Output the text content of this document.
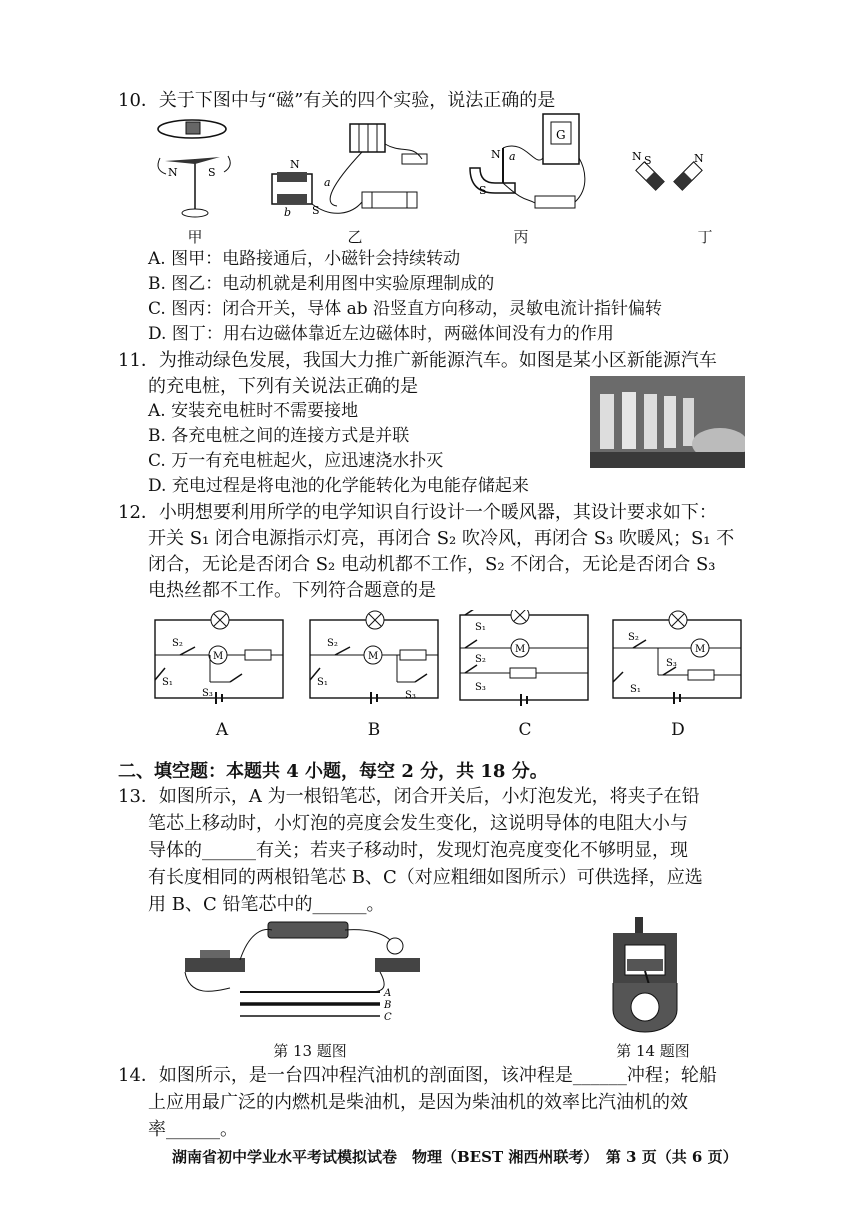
10．关于下图中与“磁”有关的四个实验，说法正确的是
N	S
N
S
a
b
G
N
S
a	N S	N
甲	乙	丙	丁
A. 图甲：电路接通后，小磁针会持续转动
B. 图乙：电动机就是利用图中实验原理制成的
C. 图丙：闭合开关，导体 ab 沿竖直方向移动，灵敏电流计指针偏转
D. 图丁：用右边磁体靠近左边磁体时，两磁体间没有力的作用
11．为推动绿色发展，我国大力推广新能源汽车。如图是某小区新能源汽车
的充电桩，下列有关说法正确的是
A. 安装充电桩时不需要接地
B. 各充电桩之间的连接方式是并联
C. 万一有充电桩起火，应迅速浇水扑灭
D. 充电过程是将电池的化学能转化为电能存储起来
12．小明想要利用所学的电学知识自行设计一个暖风器，其设计要求如下：
开关 S₁ 闭合电源指示灯亮，再闭合 S₂ 吹冷风，再闭合 S₃ 吹暖风；S₁ 不
闭合，无论是否闭合 S₂ 电动机都不工作，S₂ 不闭合，无论是否闭合 S₃
电热丝都不工作。下列符合题意的是
M
S₂
S₁
S₃
M
S₂
S₁
S₃
M
S₁
S₂
S₃
M
S₂
S₃
S₁
A	B	C	D
二、填空题：本题共 4 小题，每空 2 分，共 18 分。
13．如图所示，A 为一根铅笔芯，闭合开关后，小灯泡发光，将夹子在铅
笔芯上移动时，小灯泡的亮度会发生变化，这说明导体的电阻大小与
导体的______有关；若夹子移动时，发现灯泡亮度变化不够明显，现
有长度相同的两根铅笔芯 B、C（对应粗细如图所示）可供选择，应选
用 B、C 铅笔芯中的______。
A
B
C
第 13 题图	第 14 题图
14．如图所示，是一台四冲程汽油机的剖面图，该冲程是______冲程；轮船
上应用最广泛的内燃机是柴油机，是因为柴油机的效率比汽油机的效
率______。
湖南省初中学业水平考试模拟试卷　物理（BEST 湘西州联考）　第 3 页（共 6 页）
